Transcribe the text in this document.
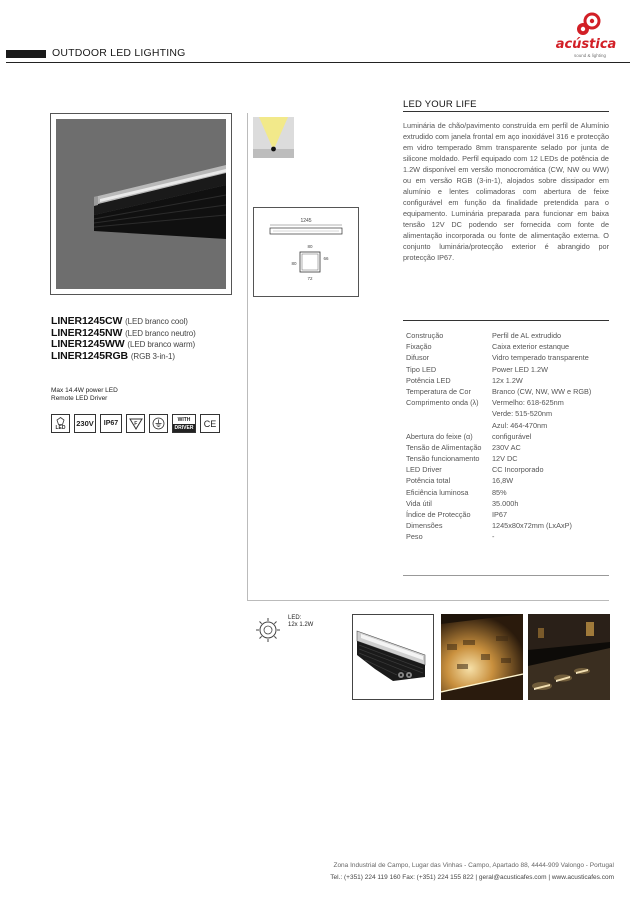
OUTDOOR LED LIGHTING
acústica
sound & lighting
LINER1245CW (LED branco cool)
LINER1245NW (LED branco neutro)
LINER1245WW (LED branco warm)
LINER1245RGB (RGB 3-in-1)
Max 14.4W power LED
Remote LED Driver
LED 230V	IP67	F
WITH
DRIVER	CE
1245
80
80
66
72
LED YOUR LIFE
Luminária de chão/pavimento construída em perfil de Alumínio extrudido com janela frontal em aço inoxidável 316 e protecção em vidro temperado 8mm transparente selado por junta de silicone moldado. Perfil equipado com 12 LEDs de potência de 1.2W disponível em versão monocromática (CW, NW ou WW) ou em versão RGB (3-in-1), alojados sobre dissipador em alumínio e lentes colimadoras com abertura de feixe configurável em função da finalidade pretendida para o equipamento. Luminária preparada para funcionar em baixa tensão 12V DC podendo ser fornecida com fonte de alimentação incorporada ou fonte de alimentação externa. O conjunto luminária/protecção exterior é abrangido por protecção IP67.
Construção	Perfil de AL extrudido
Fixação	Caixa exterior estanque
Difusor	Vidro temperado transparente
Tipo LED	Power LED 1.2W
Potência LED	12x 1.2W
Temperatura de Cor	Branco (CW, NW, WW e RGB)
Comprimento onda (λ)	Vermelho: 618-625nm
Verde: 515-520nm
Azul: 464-470nm
Abertura do feixe (α)	configurável
Tensão de Alimentação	230V AC
Tensão funcionamento	12V DC
LED Driver	CC Incorporado
Potência total	16,8W
Eficiência luminosa	85%
Vida útil	35.000h
Índice de Protecção	IP67
Dimensões	1245x80x72mm (LxAxP)
Peso	-
LED:
12x 1.2W
Zona Industrial de Campo, Lugar das Vinhas - Campo, Apartado 88, 4444-909 Valongo - Portugal
Tel.: (+351) 224 119 160 Fax: (+351) 224 155 822 | geral@acusticafes.com | www.acusticafes.com
